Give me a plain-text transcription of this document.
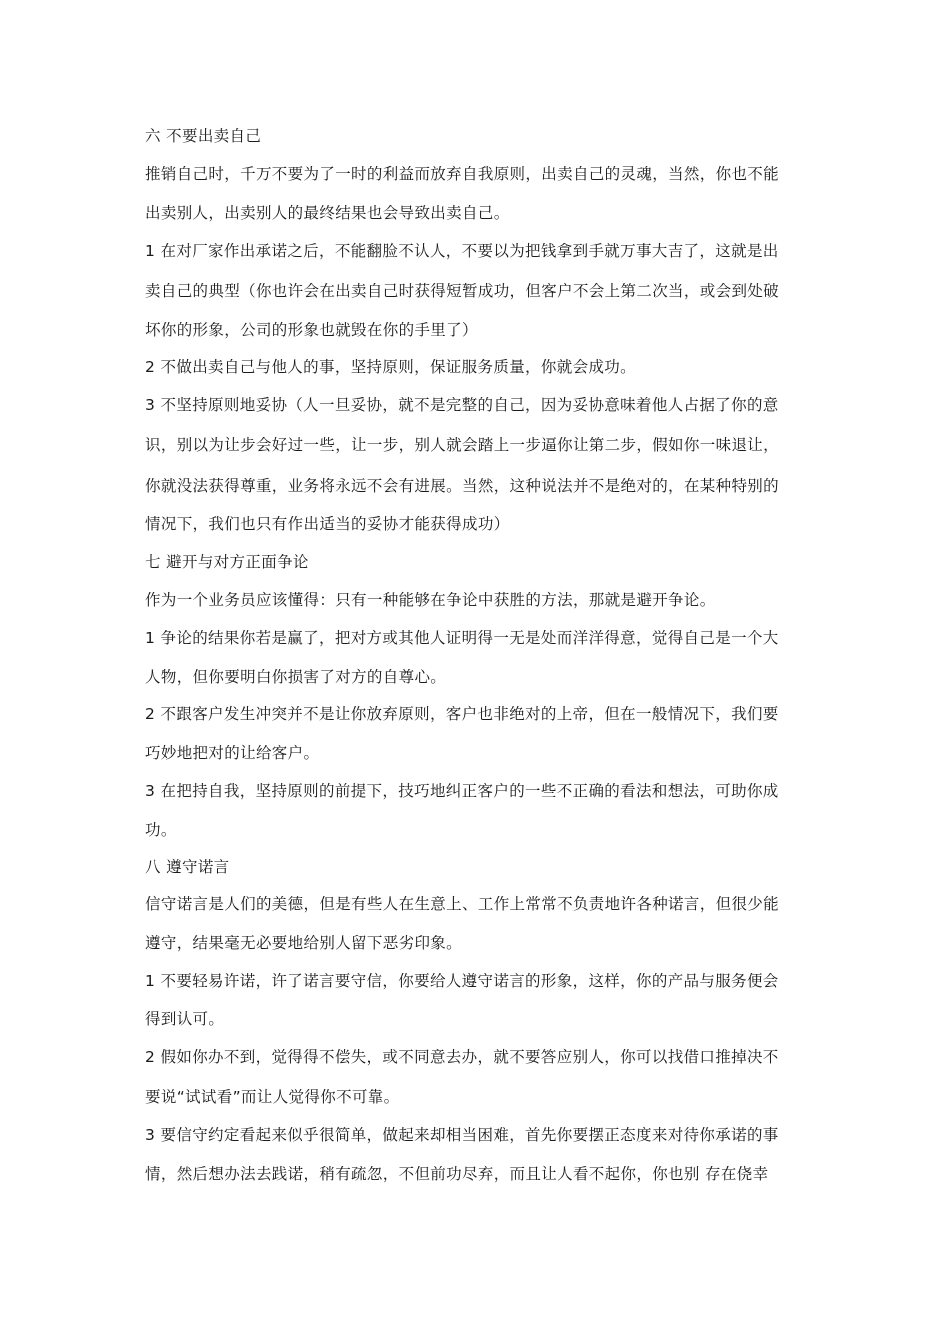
六 不要出卖自己

推销自己时，千万不要为了一时的利益而放弃自我原则，出卖自己的灵魂，当然，你也不能

出卖别人，出卖别人的最终结果也会导致出卖自己。

1 在对厂家作出承诺之后，不能翻脸不认人，不要以为把钱拿到手就万事大吉了，这就是出

卖自己的典型（你也许会在出卖自己时获得短暂成功，但客户不会上第二次当，或会到处破

坏你的形象，公司的形象也就毁在你的手里了）

2 不做出卖自己与他人的事，坚持原则，保证服务质量，你就会成功。

3 不坚持原则地妥协（人一旦妥协，就不是完整的自己，因为妥协意味着他人占据了你的意

识，别以为让步会好过一些，让一步，别人就会踏上一步逼你让第二步，假如你一味退让，

你就没法获得尊重，业务将永远不会有进展。当然，这种说法并不是绝对的，在某种特别的

情况下，我们也只有作出适当的妥协才能获得成功）

七 避开与对方正面争论

作为一个业务员应该懂得：只有一种能够在争论中获胜的方法，那就是避开争论。

1 争论的结果你若是赢了，把对方或其他人证明得一无是处而洋洋得意，觉得自己是一个大

人物，但你要明白你损害了对方的自尊心。

2 不跟客户发生冲突并不是让你放弃原则，客户也非绝对的上帝，但在一般情况下，我们要

巧妙地把对的让给客户。

3 在把持自我，坚持原则的前提下，技巧地纠正客户的一些不正确的看法和想法，可助你成

功。

八 遵守诺言

信守诺言是人们的美德，但是有些人在生意上、工作上常常不负责地许各种诺言，但很少能

遵守，结果毫无必要地给别人留下恶劣印象。

1 不要轻易许诺，许了诺言要守信，你要给人遵守诺言的形象，这样，你的产品与服务便会

得到认可。

2 假如你办不到，觉得得不偿失，或不同意去办，就不要答应别人，你可以找借口推掉决不

要说“试试看”而让人觉得你不可靠。

3 要信守约定看起来似乎很简单，做起来却相当困难，首先你要摆正态度来对待你承诺的事

情，然后想办法去践诺，稍有疏忽，不但前功尽弃，而且让人看不起你，你也别 存在侥幸
